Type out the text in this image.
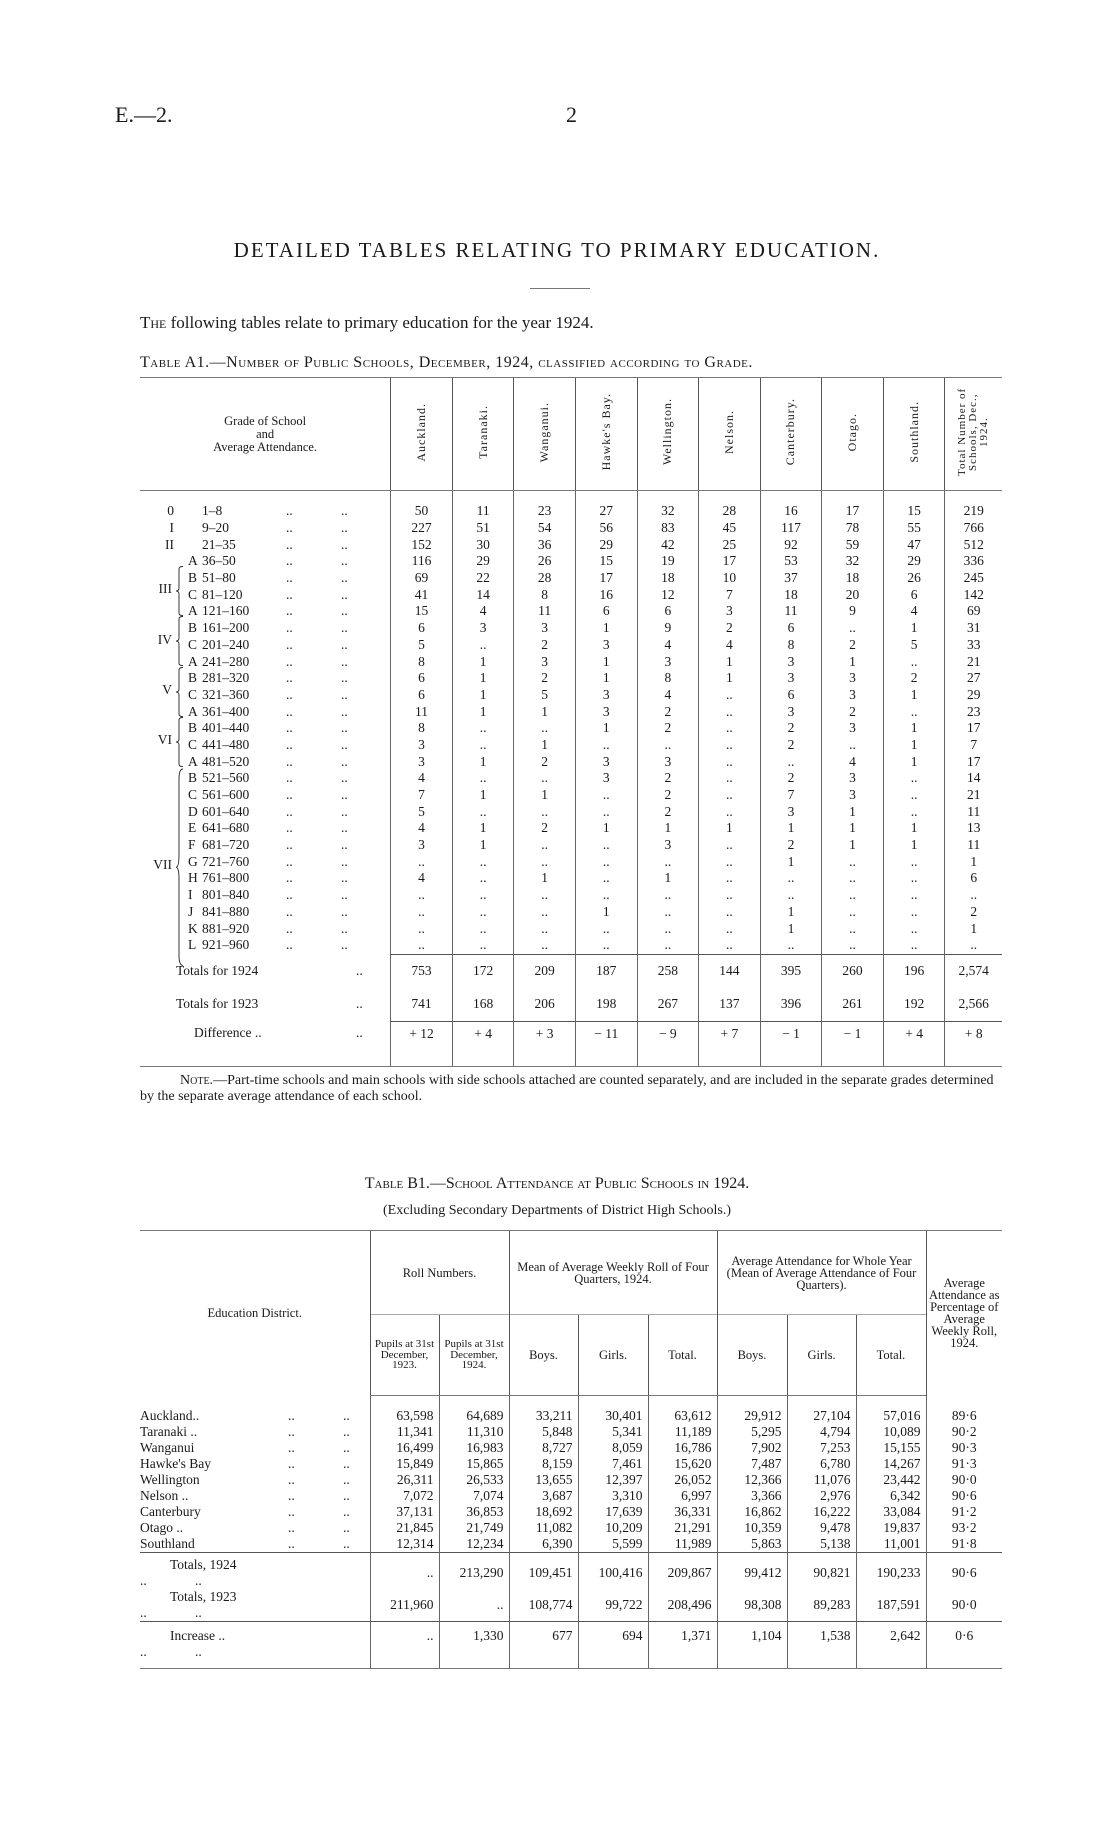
E.—2.	2
DETAILED TABLES RELATING TO PRIMARY EDUCATION.
The following tables relate to primary education for the year 1924.
Table A1.—Number of Public Schools, December, 1924, classified according to Grade.
Grade of School
and
Average Attendance.	Auckland.	Taranaki.	Wanganui.	Hawke's Bay.	Wellington.	Nelson.	Canterbury.	Otago.	Southland.	Total Number of Schools, Dec., 1924.

0 1–8 .. ..	50	11	23	27	32	28	16	17	15	219
I 9–20 .. ..	227	51	54	56	83	45	117	78	55	766
II 21–35 .. ..	152	30	36	29	42	25	92	59	47	512

III
A 36–50 .. ..	116	29	26	15	19	17	53	32	29	336
B 51–80 .. ..	69	22	28	17	18	10	37	18	26	245
C 81–120 .. ..	41	14	8	16	12	7	18	20	6	142

IV
A 121–160 .. ..	15	4	11	6	6	3	11	9	4	69
B 161–200 .. ..	6	3	3	1	9	2	6	..	1	31
C 201–240 .. ..	5	..	2	3	4	4	8	2	5	33

V
A 241–280 .. ..	8	1	3	1	3	1	3	1	..	21
B 281–320 .. ..	6	1	2	1	8	1	3	3	2	27
C 321–360 .. ..	6	1	5	3	4	..	6	3	1	29

VI
A 361–400 .. ..	11	1	1	3	2	..	3	2	..	23
B 401–440 .. ..	8	..	..	1	2	..	2	3	1	17
C 441–480 .. ..	3	..	1	..	..	..	2	..	1	7

VII
A 481–520 .. ..	3	1	2	3	3	..	..	4	1	17
B 521–560 .. ..	4	..	..	3	2	..	2	3	..	14
C 561–600 .. ..	7	1	1	..	2	..	7	3	..	21
D 601–640 .. ..	5	..	..	..	2	..	3	1	..	11
E 641–680 .. ..	4	1	2	1	1	1	1	1	1	13
F 681–720 .. ..	3	1	..	..	3	..	2	1	1	11
G 721–760 .. ..	..	..	..	..	..	..	1	..	..	1
H 761–800 .. ..	4	..	1	..	1	..	..	..	..	6
I 801–840 .. ..	..	..	..	..	..	..	..	..	..	..
J 841–880 .. ..	..	..	..	1	..	..	1	..	..	2
K 881–920 .. ..	..	..	..	..	..	..	1	..	..	1
L 921–960 .. ..	..	..	..	..	..	..	..	..	..	..
Totals for 1924 ..	753	172	209	187	258	144	395	260	196	2,574
Totals for 1923 ..	741	168	206	198	267	137	396	261	192	2,566
Difference .. ..	+ 12	+ 4	+ 3	− 11	− 9	+ 7	− 1	− 1	+ 4	+ 8
Note.—Part-time schools and main schools with side schools attached are counted separately, and are included in the separate grades determined by the separate average attendance of each school.
Table B1.—School Attendance at Public Schools in 1924.
(Excluding Secondary Departments of District High Schools.)
Education District.	Roll Numbers.		Mean of Average Weekly Roll of Four Quarters, 1924.			Average Attendance for Whole Year (Mean of Average Attendance of Four Quarters).			Average Attendance as Percentage of Average Weekly Roll, 1924.
	Pupils at 31st December, 1923.	Pupils at 31st December, 1924.	Boys.	Girls.	Total.	Boys.	Girls.	Total.	

Auckland.. .. ..	63,598	64,689	33,211	30,401	63,612	29,912	27,104	57,016	89·6
Taranaki .. .. ..	11,341	11,310	5,848	5,341	11,189	5,295	4,794	10,089	90·2
Wanganui .. ..	16,499	16,983	8,727	8,059	16,786	7,902	7,253	15,155	90·3
Hawke's Bay .. ..	15,849	15,865	8,159	7,461	15,620	7,487	6,780	14,267	91·3
Wellington .. ..	26,311	26,533	13,655	12,397	26,052	12,366	11,076	23,442	90·0
Nelson .. .. ..	7,072	7,074	3,687	3,310	6,997	3,366	2,976	6,342	90·6
Canterbury .. ..	37,131	36,853	18,692	17,639	36,331	16,862	16,222	33,084	91·2
Otago .. .. ..	21,845	21,749	11,082	10,209	21,291	10,359	9,478	19,837	93·2
Southland .. ..	12,314	12,234	6,390	5,599	11,989	5,863	5,138	11,001	91·8
Totals, 1924.. ..	..	213,290	109,451	100,416	209,867	99,412	90,821	190,233	90·6
Totals, 1923.. ..	211,960	..	108,774	99,722	208,496	98,308	89,283	187,591	90·0
Increase .... ..	..	1,330	677	694	1,371	1,104	1,538	2,642	0·6
